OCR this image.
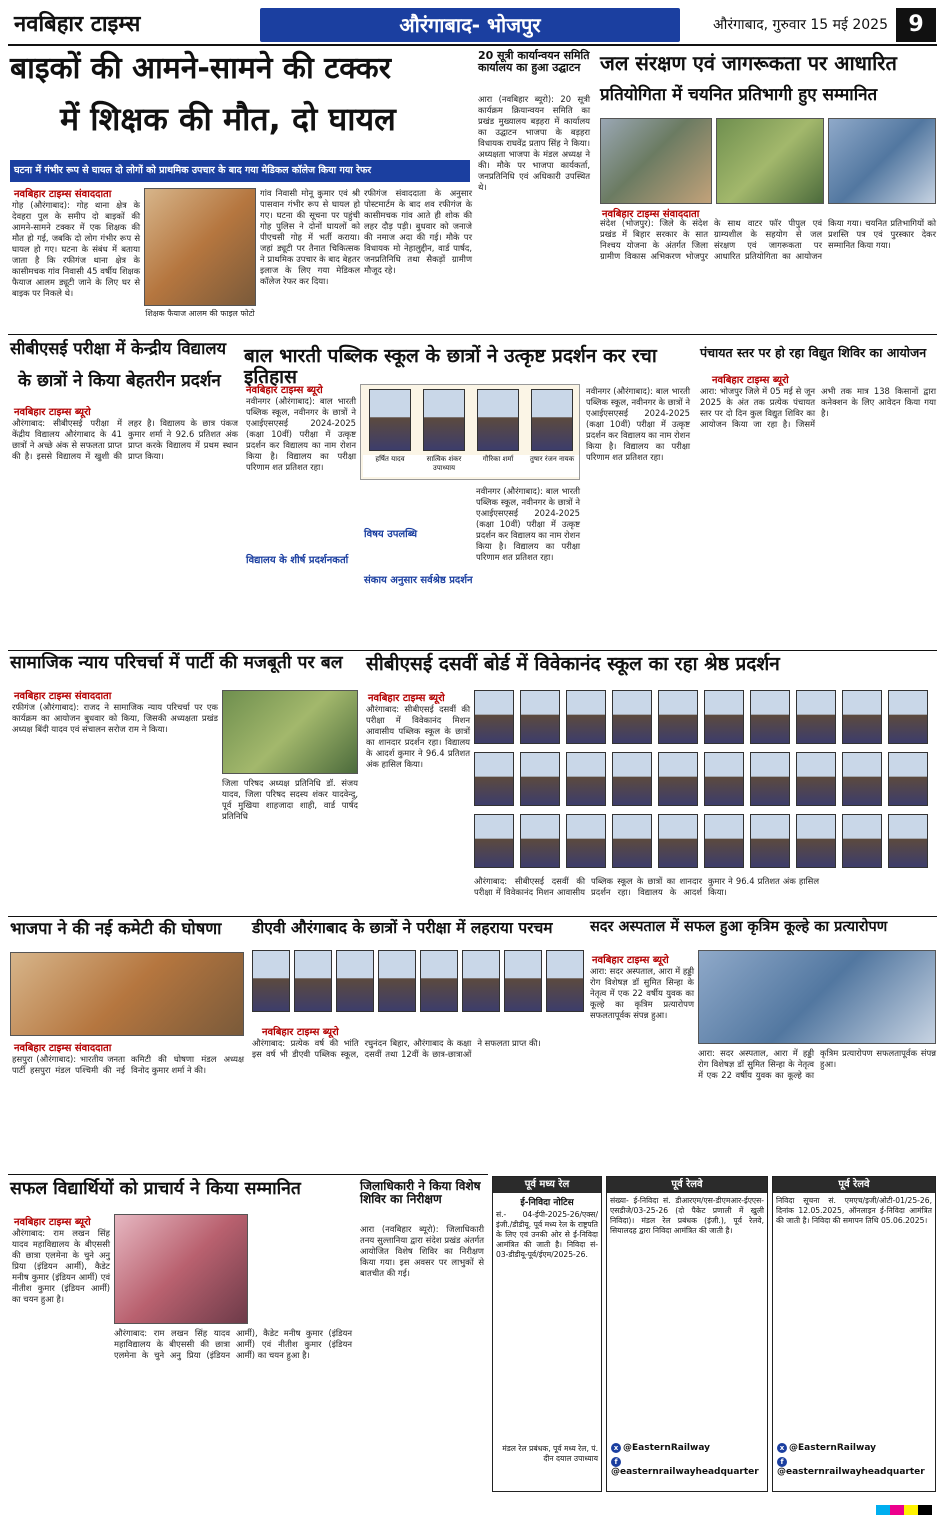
नवबिहार टाइम्स	औरंगाबाद- भोजपुर	औरंगाबाद, गुरुवार 15 मई 2025 9
बाइकों की आमने-सामने की टक्कर
में शिक्षक की मौत, दो घायल
घटना में गंभीर रूप से घायल दो लोगों को प्राथमिक उपचार के बाद गया मेडिकल कॉलेज किया गया रेफर
नवबिहार टाइम्स संवाददाता
गोह (औरंगाबाद): गोह थाना क्षेत्र के देवहरा पुल के समीप दो बाइकों की आमने-सामने टक्कर में एक शिक्षक की मौत हो गई, जबकि दो लोग गंभीर रूप से घायल हो गए। घटना के संबंध में बताया जाता है कि रफीगंज थाना क्षेत्र के कासीमचक गांव निवासी 45 वर्षीय शिक्षक फैयाज आलम ड्यूटी जाने के लिए घर से बाइक पर निकले थे।
शिक्षक फैयाज आलम की फाइल फोटो
गांव निवासी मोनू कुमार एवं श्री पासवान गंभीर रूप से घायल हो गए। घटना की सूचना पर पहुंची गोह पुलिस ने दोनों घायलों को पीएचसी गोह में भर्ती कराया। जहां ड्यूटी पर तैनात चिकित्सक ने प्राथमिक उपचार के बाद बेहतर इलाज के लिए गया मेडिकल कॉलेज रेफर कर दिया।
रफीगंज संवाददाता के अनुसार पोस्टमार्टम के बाद शव रफीगंज के कासीमचक गांव आते ही शोक की लहर दौड़ पड़ी। बुधवार को जनाजे की नमाज अदा की गई। मौके पर विधायक मो नेहालुद्दीन, वार्ड पार्षद, जनप्रतिनिधि तथा सैकड़ों ग्रामीण मौजूद रहे।
20 सूत्री कार्यान्वयन समिति कार्यालय का हुआ उद्घाटन
आरा (नवबिहार ब्यूरो): 20 सूत्री कार्यक्रम क्रियान्वयन समिति का प्रखंड मुख्यालय बड़हरा में कार्यालय का उद्घाटन भाजपा के बड़हरा विधायक राघवेंद्र प्रताप सिंह ने किया। अध्यक्षता भाजपा के मंडल अध्यक्ष ने की। मौके पर भाजपा कार्यकर्ता, जनप्रतिनिधि एवं अधिकारी उपस्थित थे।
जल संरक्षण एवं जागरूकता पर आधारित
प्रतियोगिता में चयनित प्रतिभागी हुए सम्मानित
नवबिहार टाइम्स संवाददाता
संदेश (भोजपुर): जिले के संदेश प्रखंड में बिहार सरकार के सात निश्चय योजना के अंतर्गत जिला ग्रामीण विकास अभिकरण भोजपुर के साथ वाटर फॉर पीपुल एवं ग्राम्यशील के सहयोग से जल संरक्षण एवं जागरूकता पर आधारित प्रतियोगिता का आयोजन किया गया। चयनित प्रतिभागियों को प्रशस्ति पत्र एवं पुरस्कार देकर सम्मानित किया गया।
सीबीएसई परीक्षा में केन्द्रीय विद्यालय
के छात्रों ने किया बेहतरीन प्रदर्शन
नवबिहार टाइम्स ब्यूरो
औरंगाबाद: सीबीएसई परीक्षा में केंद्रीय विद्यालय औरंगाबाद के 41 छात्रों ने अच्छे अंक से सफलता प्राप्त की है। इससे विद्यालय में खुशी की लहर है। विद्यालय के छात्र पंकज कुमार शर्मा ने 92.6 प्रतिशत अंक प्राप्त करके विद्यालय में प्रथम स्थान प्राप्त किया।
बाल भारती पब्लिक स्कूल के छात्रों ने उत्कृष्ट प्रदर्शन कर रचा इतिहास
नवबिहार टाइम्स ब्यूरो
हर्षित यादव	सात्विक शंकर उपाध्याय
गौरिका शर्मा	तुषार रंजन नायक
नवीनगर (औरंगाबाद): बाल भारती पब्लिक स्कूल, नवीनगर के छात्रों ने एआईएसएसई 2024-2025 (कक्षा 10वीं) परीक्षा में उत्कृष्ट प्रदर्शन कर विद्यालय का नाम रोशन किया है। विद्यालय का परीक्षा परिणाम शत प्रतिशत रहा।
विद्यालय के शीर्ष प्रदर्शनकर्ता
विषय उपलब्धि
संकाय अनुसार सर्वश्रेष्ठ प्रदर्शन
नवीनगर (औरंगाबाद): बाल भारती पब्लिक स्कूल, नवीनगर के छात्रों ने एआईएसएसई 2024-2025 (कक्षा 10वीं) परीक्षा में उत्कृष्ट प्रदर्शन कर विद्यालय का नाम रोशन किया है। विद्यालय का परीक्षा परिणाम शत प्रतिशत रहा।
नवीनगर (औरंगाबाद): बाल भारती पब्लिक स्कूल, नवीनगर के छात्रों ने एआईएसएसई 2024-2025 (कक्षा 10वीं) परीक्षा में उत्कृष्ट प्रदर्शन कर विद्यालय का नाम रोशन किया है। विद्यालय का परीक्षा परिणाम शत प्रतिशत रहा।
पंचायत स्तर पर हो रहा विद्युत शिविर का आयोजन
नवबिहार टाइम्स ब्यूरो
आरा: भोजपुर जिले में 05 मई से जून 2025 के अंत तक प्रत्येक पंचायत स्तर पर दो दिन कुल विद्युत शिविर का आयोजन किया जा रहा है। जिसमें अभी तक मात्र 138 किसानों द्वारा कनेक्शन के लिए आवेदन किया गया है।
सामाजिक न्याय परिचर्चा में पार्टी की मजबूती पर बल
नवबिहार टाइम्स संवाददाता
रफीगंज (औरंगाबाद): राजद ने सामाजिक न्याय परिचर्चा पर एक कार्यक्रम का आयोजन बुधवार को किया, जिसकी अध्यक्षता प्रखंड अध्यक्ष बिंदी यादव एवं संचालन सरोज राम ने किया।
जिला परिषद अध्यक्ष प्रतिनिधि डॉ. संजय यादव, जिला परिषद सदस्य शंकर यादवेन्दु, पूर्व मुखिया शाहजादा शाही, वार्ड पार्षद प्रतिनिधि
सीबीएसई दसवीं बोर्ड में विवेकानंद स्कूल का रहा श्रेष्ठ प्रदर्शन
नवबिहार टाइम्स ब्यूरो
औरंगाबाद: सीबीएसई दसवीं की परीक्षा में विवेकानंद मिशन आवासीय पब्लिक स्कूल के छात्रों का शानदार प्रदर्शन रहा। विद्यालय के आदर्श कुमार ने 96.4 प्रतिशत अंक हासिल किया।
औरंगाबाद: सीबीएसई दसवीं की परीक्षा में विवेकानंद मिशन आवासीय पब्लिक स्कूल के छात्रों का शानदार प्रदर्शन रहा। विद्यालय के आदर्श कुमार ने 96.4 प्रतिशत अंक हासिल किया।
भाजपा ने की नई कमेटी की घोषणा
नवबिहार टाइम्स संवाददाता
हसपुरा (औरंगाबाद): भारतीय जनता पार्टी हसपुरा मंडल पश्चिमी की नई कमिटी की घोषणा मंडल अध्यक्ष विनोद कुमार शर्मा ने की।
डीएवी औरंगाबाद के छात्रों ने परीक्षा में लहराया परचम
नवबिहार टाइम्स ब्यूरो
औरंगाबाद: प्रत्येक वर्ष की भांति इस वर्ष भी डीएवी पब्लिक स्कूल, रघुनंदन बिहार, औरंगाबाद के कक्षा दसवीं तथा 12वीं के छात्र-छात्राओं ने सफलता प्राप्त की।
सदर अस्पताल में सफल हुआ कृत्रिम कूल्हे का प्रत्यारोपण
नवबिहार टाइम्स ब्यूरो
आरा: सदर अस्पताल, आरा में हड्डी रोग विशेषज्ञ डॉ सुमित सिन्हा के नेतृत्व में एक 22 वर्षीय युवक का कूल्हे का कृत्रिम प्रत्यारोपण सफलतापूर्वक संपन्न हुआ।
आरा: सदर अस्पताल, आरा में हड्डी रोग विशेषज्ञ डॉ सुमित सिन्हा के नेतृत्व में एक 22 वर्षीय युवक का कूल्हे का कृत्रिम प्रत्यारोपण सफलतापूर्वक संपन्न हुआ।
सफल विद्यार्थियों को प्राचार्य ने किया सम्मानित
नवबिहार टाइम्स ब्यूरो
औरंगाबाद: राम लखन सिंह यादव महाविद्यालय के बीएससी की छात्रा एलमेना के चुने अनु प्रिया (इंडियन आर्मी), कैडेट मनीष कुमार (इंडियन आर्मी) एवं नीतीश कुमार (इंडियन आर्मी) का चयन हुआ है।
औरंगाबाद: राम लखन सिंह यादव महाविद्यालय के बीएससी की छात्रा एलमेना के चुने अनु प्रिया (इंडियन आर्मी), कैडेट मनीष कुमार (इंडियन आर्मी) एवं नीतीश कुमार (इंडियन आर्मी) का चयन हुआ है।
जिलाधिकारी ने किया विशेष शिविर का निरीक्षण
आरा (नवबिहार ब्यूरो): जिलाधिकारी तनय सुल्तानिया द्वारा संदेश प्रखंड अंतर्गत आयोजित विशेष शिविर का निरीक्षण किया गया। इस अवसर पर लाभुकों से बातचीत की गई।
पूर्व मध्य रेल
ई-निविदा नोटिस
सं.- 04-ईपी-2025-26/एक्स/इंजी./डीडीयू. पूर्व मध्य रेल के राष्ट्रपति के लिए एवं उनकी ओर से ई-निविदा आमंत्रित की जाती है। निविदा सं- 03-डीडीयू-पूर्व/ईएम/2025-26.
मंडल रेल प्रबंधक, पूर्व मध्य रेल, पं. दीन दयाल उपाध्याय
पूर्व रेलवे
संख्या- ई-निविदा सं. डीआरएम/एस-डीएमआर-ईएएस-एसडीजे/03-25-26 (दो पैकेट प्रणाली में खुली निविदा)। मंडल रेल प्रबंधक (इंजी.), पूर्व रेलवे, सियालदह द्वारा निविदा आमंत्रित की जाती है।
x @EasternRailway
f@easternrailwayheadquarter
पूर्व रेलवे
निविदा सूचना सं. एमएच/इजी/ओटी-01/25-26, दिनांक 12.05.2025, ऑनलाइन ई-निविदा आमंत्रित की जाती है। निविदा की समापन तिथि 05.06.2025।
x @EasternRailway
f@easternrailwayheadquarter
